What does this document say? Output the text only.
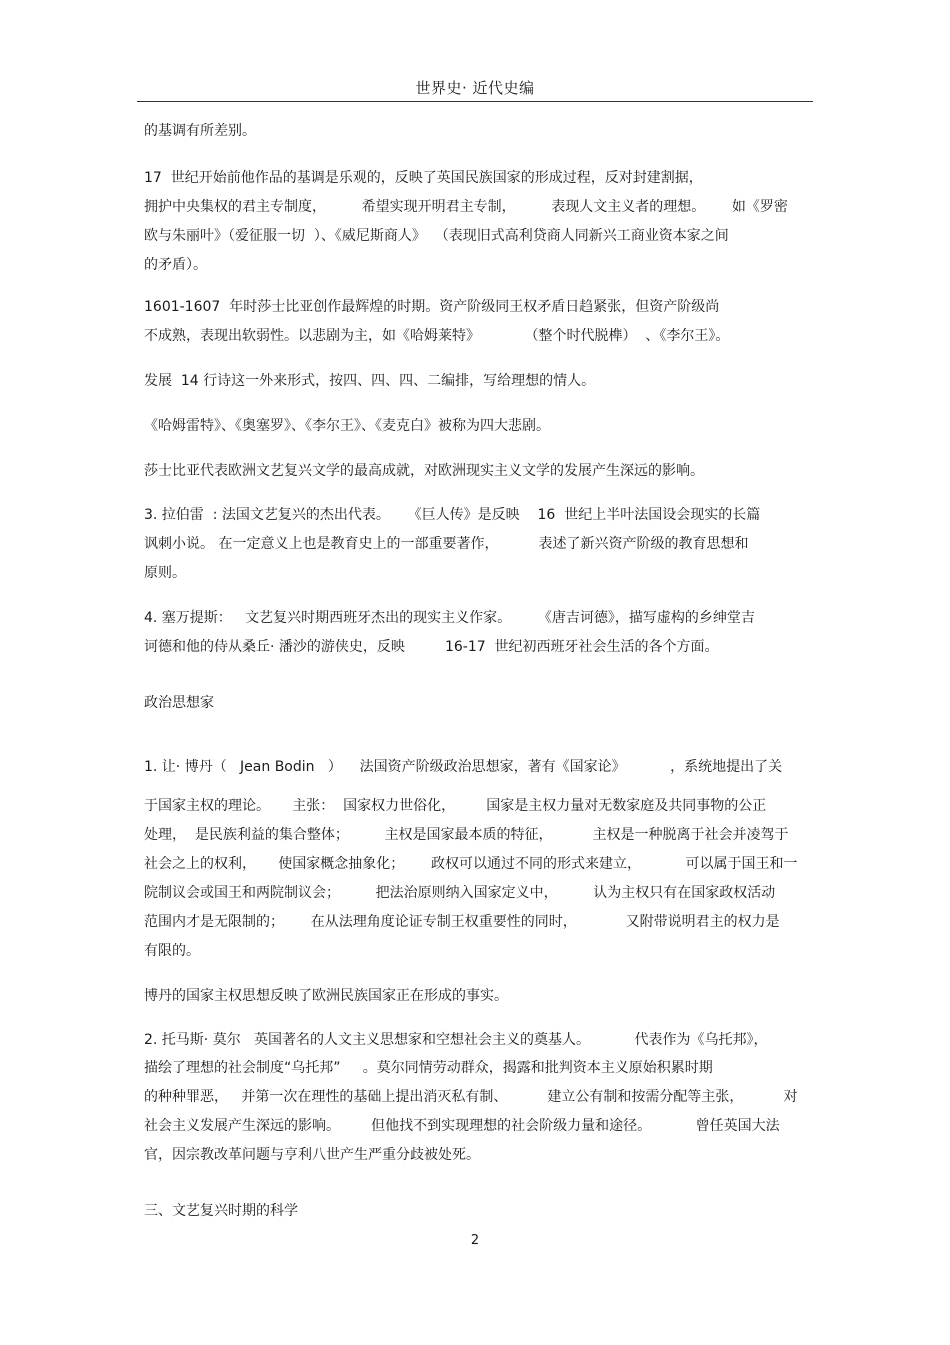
世界史· 近代史编
的基调有所差别。
17  世纪开始前他作品的基调是乐观的，反映了英国民族国家的形成过程，反对封建割据，
拥护中央集权的君主专制度，        希望实现开明君主专制，        表现人文主义者的理想。      如《罗密
欧与朱丽叶》（爱征服一切  ）、《威尼斯商人》  （表现旧式高利贷商人同新兴工商业资本家之间
的矛盾）。
1601-1607  年时莎士比亚创作最辉煌的时期。资产阶级同王权矛盾日趋紧张，但资产阶级尚
不成熟，表现出软弱性。以悲剧为主，如《哈姆莱特》          （整个时代脱榫）  、《李尔王》。
发展  14 行诗这一外来形式，按四、四、四、二编排，写给理想的情人。
《哈姆雷特》、《奥塞罗》、《李尔王》、《麦克白》被称为四大悲剧。
莎士比亚代表欧洲文艺复兴文学的最高成就，对欧洲现实主义文学的发展产生深远的影响。
3. 拉伯雷  : 法国文艺复兴的杰出代表。    《巨人传》是反映    16  世纪上半叶法国设会现实的长篇
讽刺小说。 在一定意义上也是教育史上的一部重要著作，         表述了新兴资产阶级的教育思想和
原则。
4. 塞万提斯：   文艺复兴时期西班牙杰出的现实主义作家。      《唐吉诃德》，描写虚构的乡绅堂吉
诃德和他的侍从桑丘· 潘沙的游侠史，反映         16-17  世纪初西班牙社会生活的各个方面。
政治思想家
1. 让· 博丹（   Jean Bodin   ）    法国资产阶级政治思想家，著有《国家论》          ，系统地提出了关
于国家主权的理论。     主张：  国家权力世俗化，       国家是主权力量对无数家庭及共同事物的公正
处理，  是民族利益的集合整体；        主权是国家最本质的特征，         主权是一种脱离于社会并凌驾于
社会之上的权利，     使国家概念抽象化；      政权可以通过不同的形式来建立，          可以属于国王和一
院制议会或国王和两院制议会；        把法治原则纳入国家定义中，        认为主权只有在国家政权活动
范围内才是无限制的；      在从法理角度论证专制王权重要性的同时，           又附带说明君主的权力是
有限的。
博丹的国家主权思想反映了欧洲民族国家正在形成的事实。
2. 托马斯· 莫尔   英国著名的人文主义思想家和空想社会主义的奠基人。          代表作为《乌托邦》，
描绘了理想的社会制度“乌托邦”     。莫尔同情劳动群众，揭露和批判资本主义原始积累时期
的种种罪恶，   并第一次在理性的基础上提出消灭私有制、         建立公有制和按需分配等主张，         对
社会主义发展产生深远的影响。       但他找不到实现理想的社会阶级力量和途径。          曾任英国大法
官，因宗教改革问题与亨利八世产生严重分歧被处死。
三、文艺复兴时期的科学
2
